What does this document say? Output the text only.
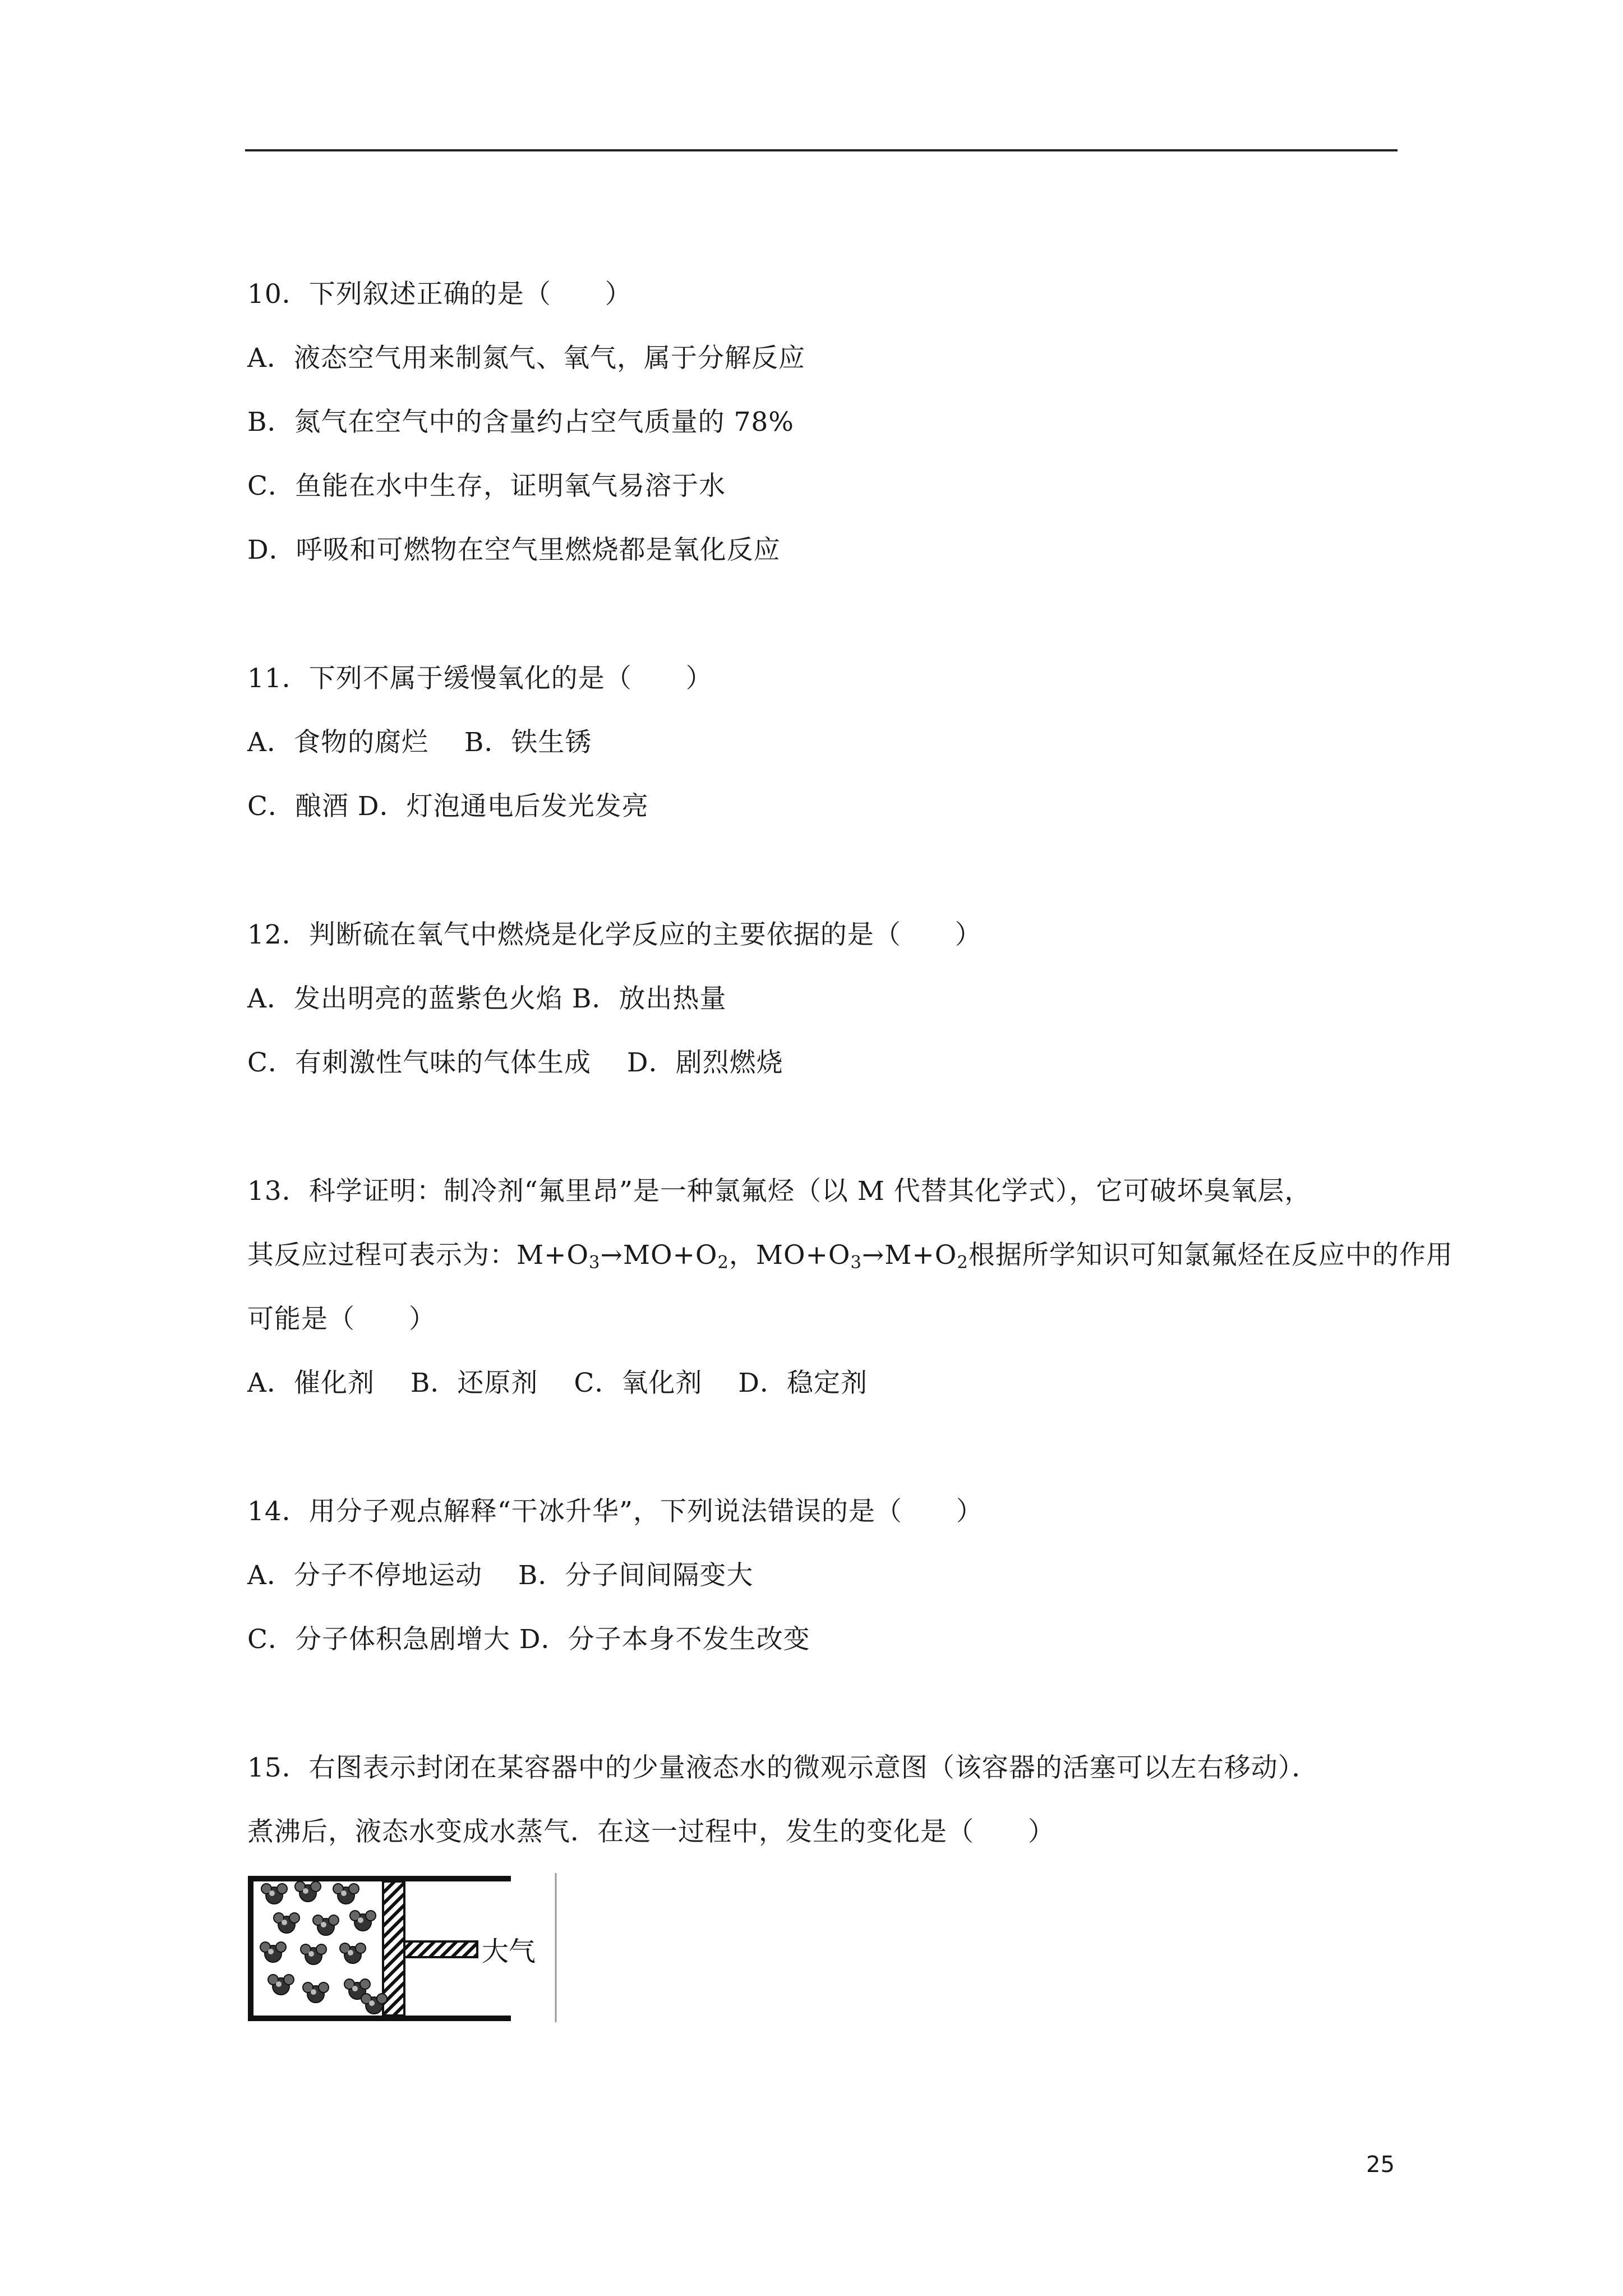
10．下列叙述正确的是（　　）
A．液态空气用来制氮气、氧气，属于分解反应
B．氮气在空气中的含量约占空气质量的 78%
C．鱼能在水中生存，证明氧气易溶于水
D．呼吸和可燃物在空气里燃烧都是氧化反应
11．下列不属于缓慢氧化的是（　　）
A．食物的腐烂　 B．铁生锈
C．酿酒 D．灯泡通电后发光发亮
12．判断硫在氧气中燃烧是化学反应的主要依据的是（　　）
A．发出明亮的蓝紫色火焰 B．放出热量
C．有刺激性气味的气体生成　 D．剧烈燃烧
13．科学证明：制冷剂“氟里昂”是一种氯氟烃（以 M 代替其化学式），它可破坏臭氧层，
其反应过程可表示为：$M+O_3\to MO+O_2$，$MO+O_3\to M+O_2$根据所学知识可知氯氟烃在反应中的作用
可能是（　　）
A．催化剂　 B．还原剂　 C．氧化剂　 D．稳定剂
14．用分子观点解释“干冰升华”，下列说法错误的是（　　）
A．分子不停地运动　 B．分子间间隔变大
C．分子体积急剧增大 D．分子本身不发生改变
15．右图表示封闭在某容器中的少量液态水的微观示意图（该容器的活塞可以左右移动）．
煮沸后，液态水变成水蒸气．在这一过程中，发生的变化是（　　）
大气
25
